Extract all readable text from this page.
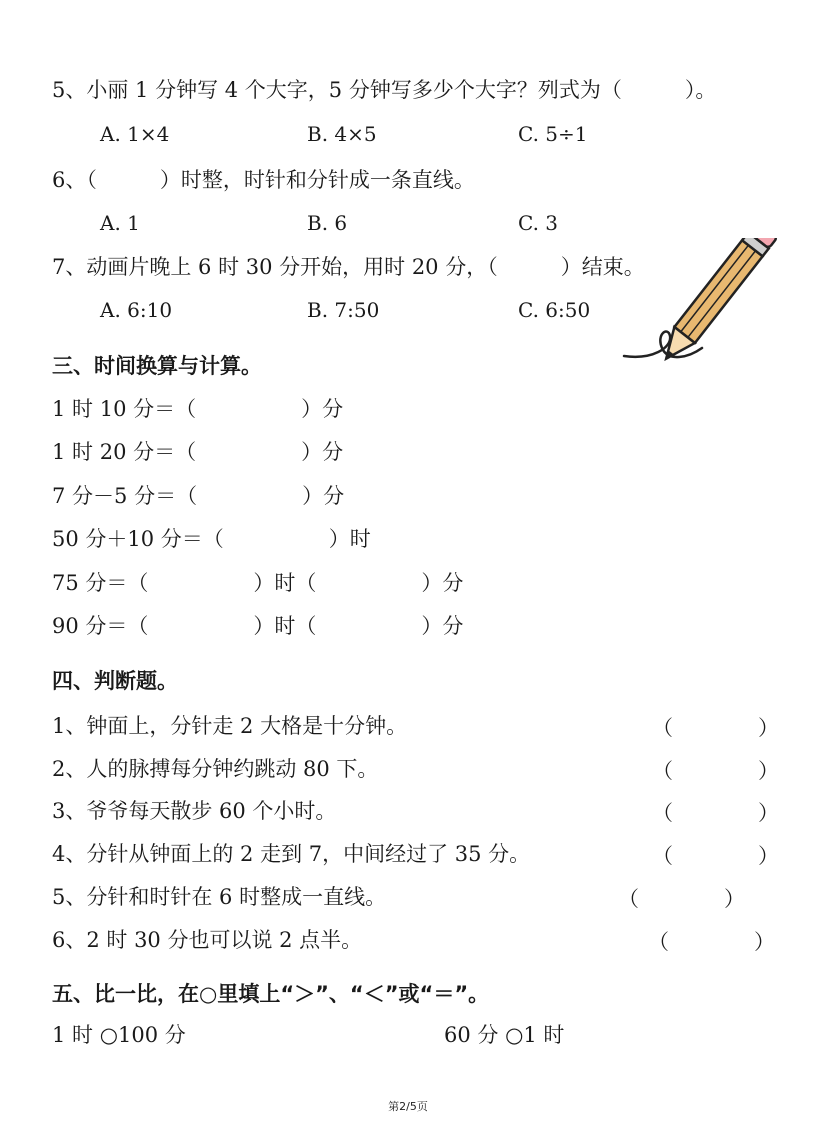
5、小丽 1 分钟写 4 个大字，5 分钟写多少个大字？列式为（　　　）。
A. 1×4	B. 4×5	C. 5÷1
6、（　　　）时整，时针和分针成一条直线。
A. 1	B. 6	C. 3
7、动画片晚上 6 时 30 分开始，用时 20 分，（　　　）结束。
A. 6:10	B. 7:50	C. 6:50
三、时间换算与计算。
1 时 10 分＝（　　　　　）分
1 时 20 分＝（　　　　　）分
7 分－5 分＝（　　　　　）分
50 分＋10 分＝（　　　　　）时
75 分＝（　　　　　）时（　　　　　）分
90 分＝（　　　　　）时（　　　　　）分
四、判断题。
1、钟面上，分针走 2 大格是十分钟。	（	）
2、人的脉搏每分钟约跳动 80 下。	（	）
3、爷爷每天散步 60 个小时。	（	）
4、分针从钟面上的 2 走到 7，中间经过了 35 分。	（	）
5、分针和时针在 6 时整成一直线。	（	）
6、2 时 30 分也可以说 2 点半。	（	）
五、比一比，在○里填上“＞”、“＜”或“＝”。
1 时 ○100 分	60 分 ○1 时
第2/5页
